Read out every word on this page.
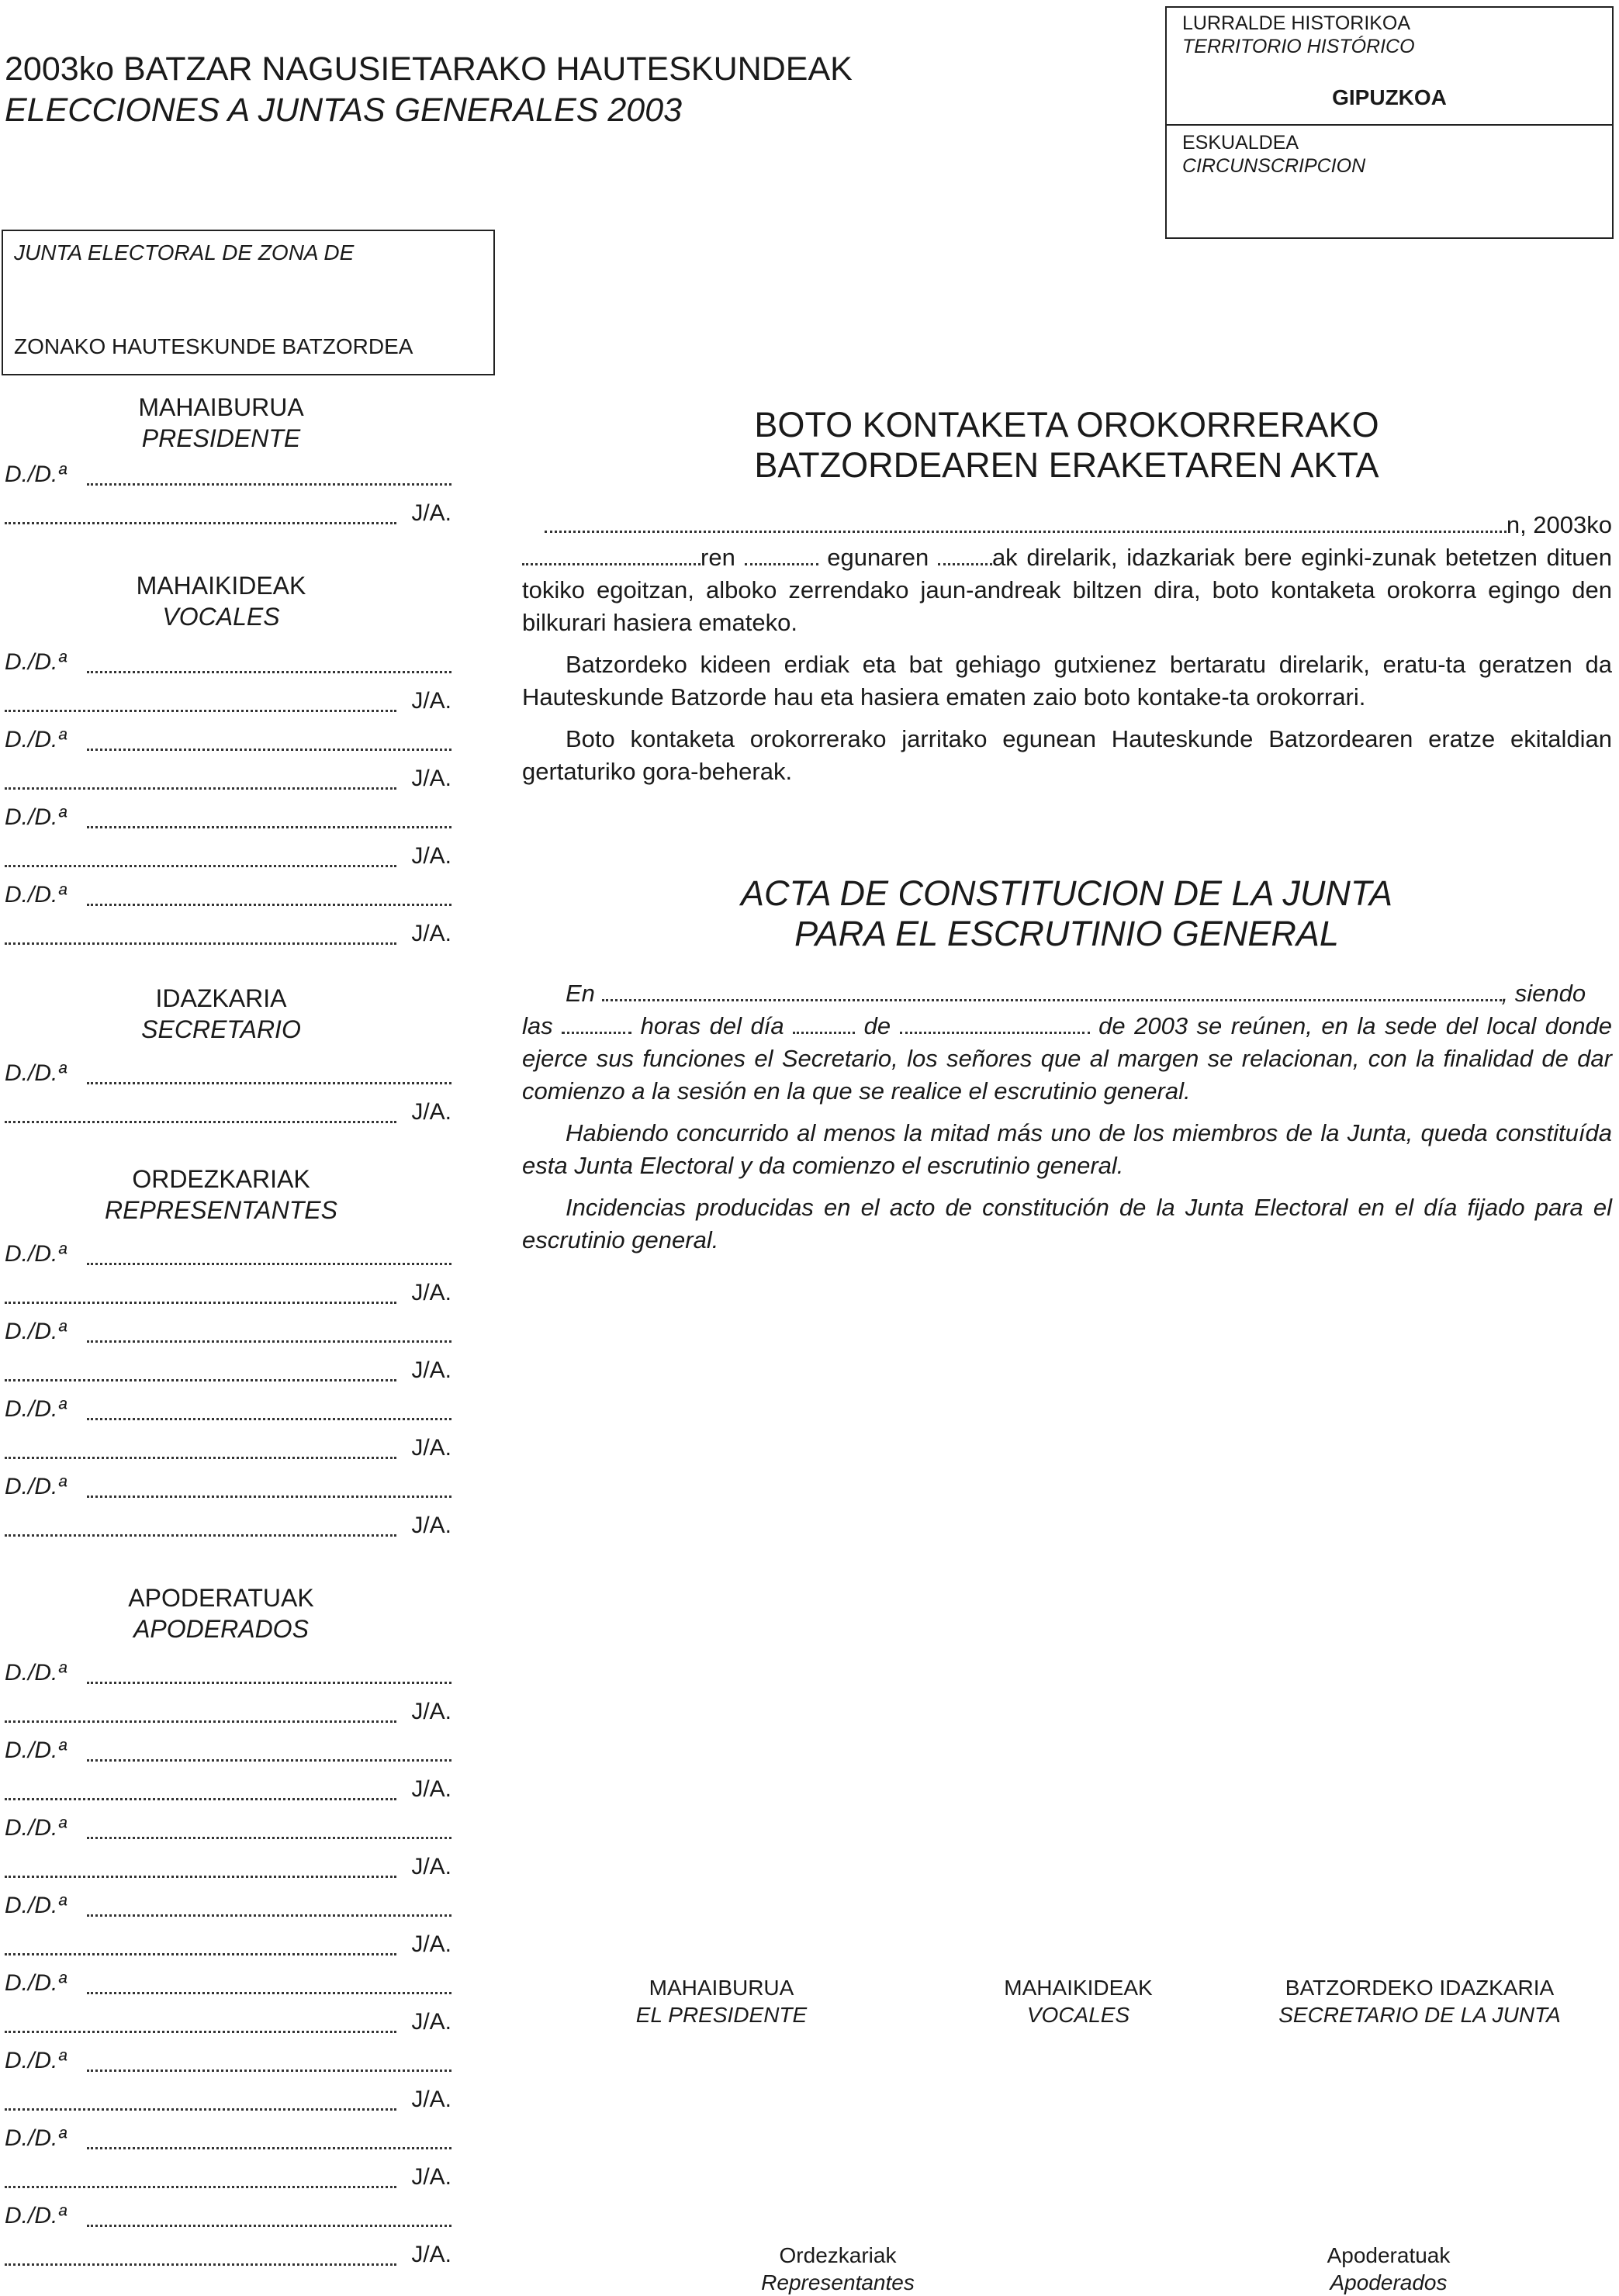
2003ko BATZAR NAGUSIETARAKO HAUTESKUNDEAK
ELECCIONES A JUNTAS GENERALES 2003
LURRALDE HISTORIKOA
TERRITORIO HISTÓRICO
GIPUZKOA
ESKUALDEA
CIRCUNSCRIPCION
JUNTA ELECTORAL DE ZONA DE
ZONAKO HAUTESKUNDE BATZORDEA
MAHAIBURUA
PRESIDENTE
D./D.ª
J/A.
MAHAIKIDEAK
VOCALES
D./D.ª
J/A.
D./D.ª
J/A.
D./D.ª
J/A.
D./D.ª
J/A.
IDAZKARIA
SECRETARIO
D./D.ª
J/A.
ORDEZKARIAK
REPRESENTANTES
D./D.ª
J/A.
D./D.ª
J/A.
D./D.ª
J/A.
D./D.ª
J/A.
APODERATUAK
APODERADOS
D./D.ª
J/A.
D./D.ª
J/A.
D./D.ª
J/A.
D./D.ª
J/A.
D./D.ª
J/A.
D./D.ª
J/A.
D./D.ª
J/A.
D./D.ª
J/A.
BOTO KONTAKETA OROKORRERAKO
BATZORDEAREN ERAKETAREN AKTA

n, 2003ko

ren	egunaren	ak direlarik, idazkariak bere eginki-zunak betetzen dituen tokiko egoitzan, alboko zerrendako jaun-andreak biltzen dira, boto kontaketa orokorra egingo den bilkurari hasiera emateko.

Batzordeko kideen erdiak eta bat gehiago gutxienez bertaratu direlarik, eratu-ta geratzen da Hauteskunde Batzorde hau eta hasiera ematen zaio boto kontake-ta orokorrari.

Boto kontaketa orokorrerako jarritako egunean Hauteskunde Batzordearen eratze ekitaldian gertaturiko gora-beherak.

ACTA DE CONSTITUCION DE LA JUNTA
PARA EL ESCRUTINIO GENERAL

En	, siendo

las	horas del día	de	de 2003 se reúnen, en la sede del local donde ejerce sus funciones el Secretario, los señores que al margen se relacionan, con la finalidad de dar comienzo a la sesión en la que se realice el escrutinio general.

Habiendo concurrido al menos la mitad más uno de los miembros de la Junta, queda constituída esta Junta Electoral y da comienzo el escrutinio general.

Incidencias producidas en el acto de constitución de la Junta Electoral en el día fijado para el escrutinio general.

MAHAIBURUA
EL PRESIDENTE
MAHAIKIDEAK
VOCALES
BATZORDEKO IDAZKARIA
SECRETARIO DE LA JUNTA
Ordezkariak
Representantes
Apoderatuak
Apoderados
